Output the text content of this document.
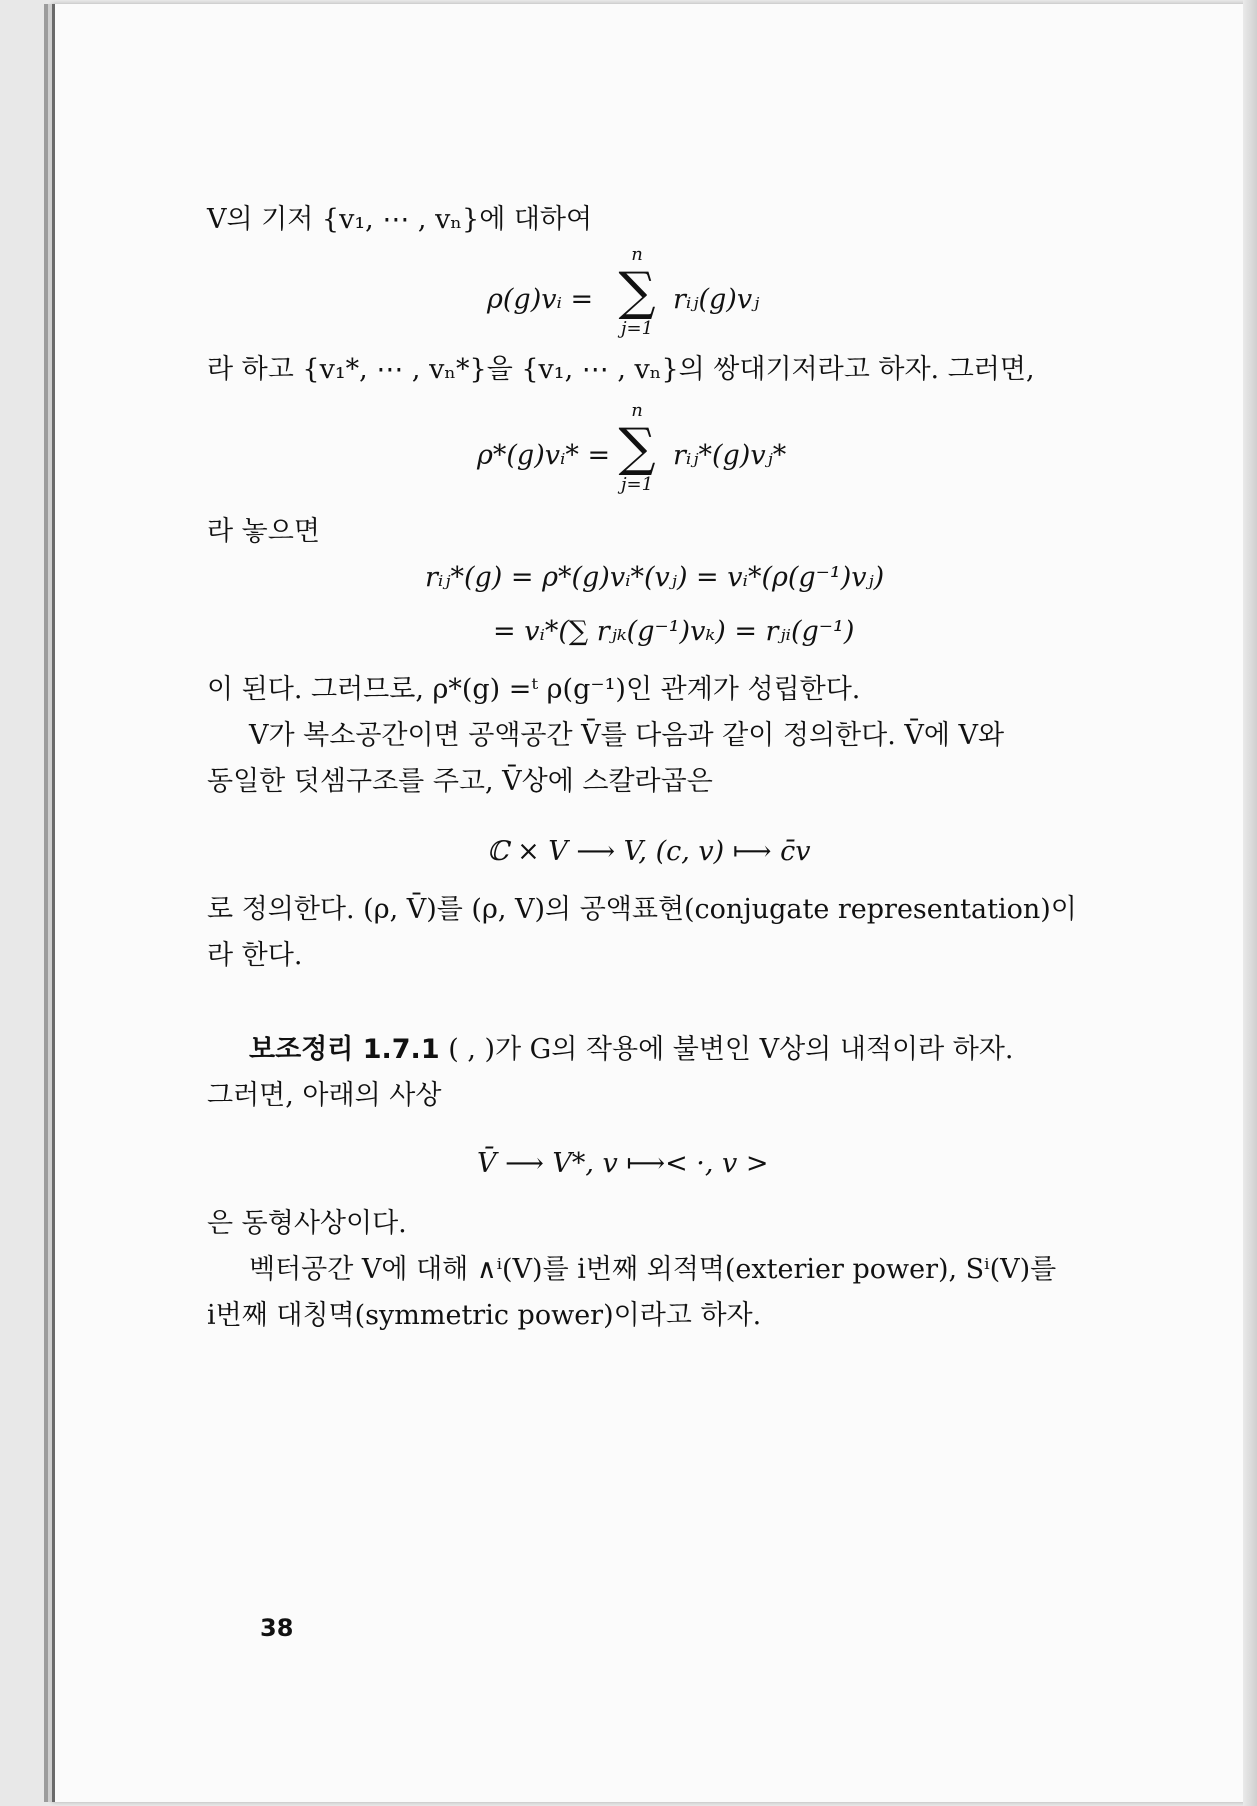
V의 기저 {v₁, ⋯ , vₙ}에 대하여
ρ(g)vᵢ =
n
∑
j=1
rᵢⱼ(g)vⱼ
라 하고 {v₁*, ⋯ , vₙ*}을 {v₁, ⋯ , vₙ}의 쌍대기저라고 하자. 그러면,
ρ*(g)vᵢ* =
n
∑
j=1
rᵢⱼ*(g)vⱼ*
라 놓으면
rᵢⱼ*(g) = ρ*(g)vᵢ*(vⱼ) = vᵢ*(ρ(g⁻¹)vⱼ)
= vᵢ*(∑ rⱼₖ(g⁻¹)vₖ) = rⱼᵢ(g⁻¹)
이 된다. 그러므로, ρ*(g) =ᵗ ρ(g⁻¹)인 관계가 성립한다.
V가 복소공간이면 공액공간 V̄를 다음과 같이 정의한다. V̄에 V와
동일한 덧셈구조를 주고, V̄상에 스칼라곱은
ℂ × V ⟶ V, (c, v) ⟼ c̄v
로 정의한다. (ρ, V̄)를 (ρ, V)의 공액표현(conjugate representation)이
라 한다.
보조정리 1.7.1 ( , )가 G의 작용에 불변인 V상의 내적이라 하자.
그러면, 아래의 사상
V̄ ⟶ V*, v ⟼< ·, v >
은 동형사상이다.
벡터공간 V에 대해 ∧ⁱ(V)를 i번째 외적멱(exterier power), Sⁱ(V)를
i번째 대칭멱(symmetric power)이라고 하자.
38
